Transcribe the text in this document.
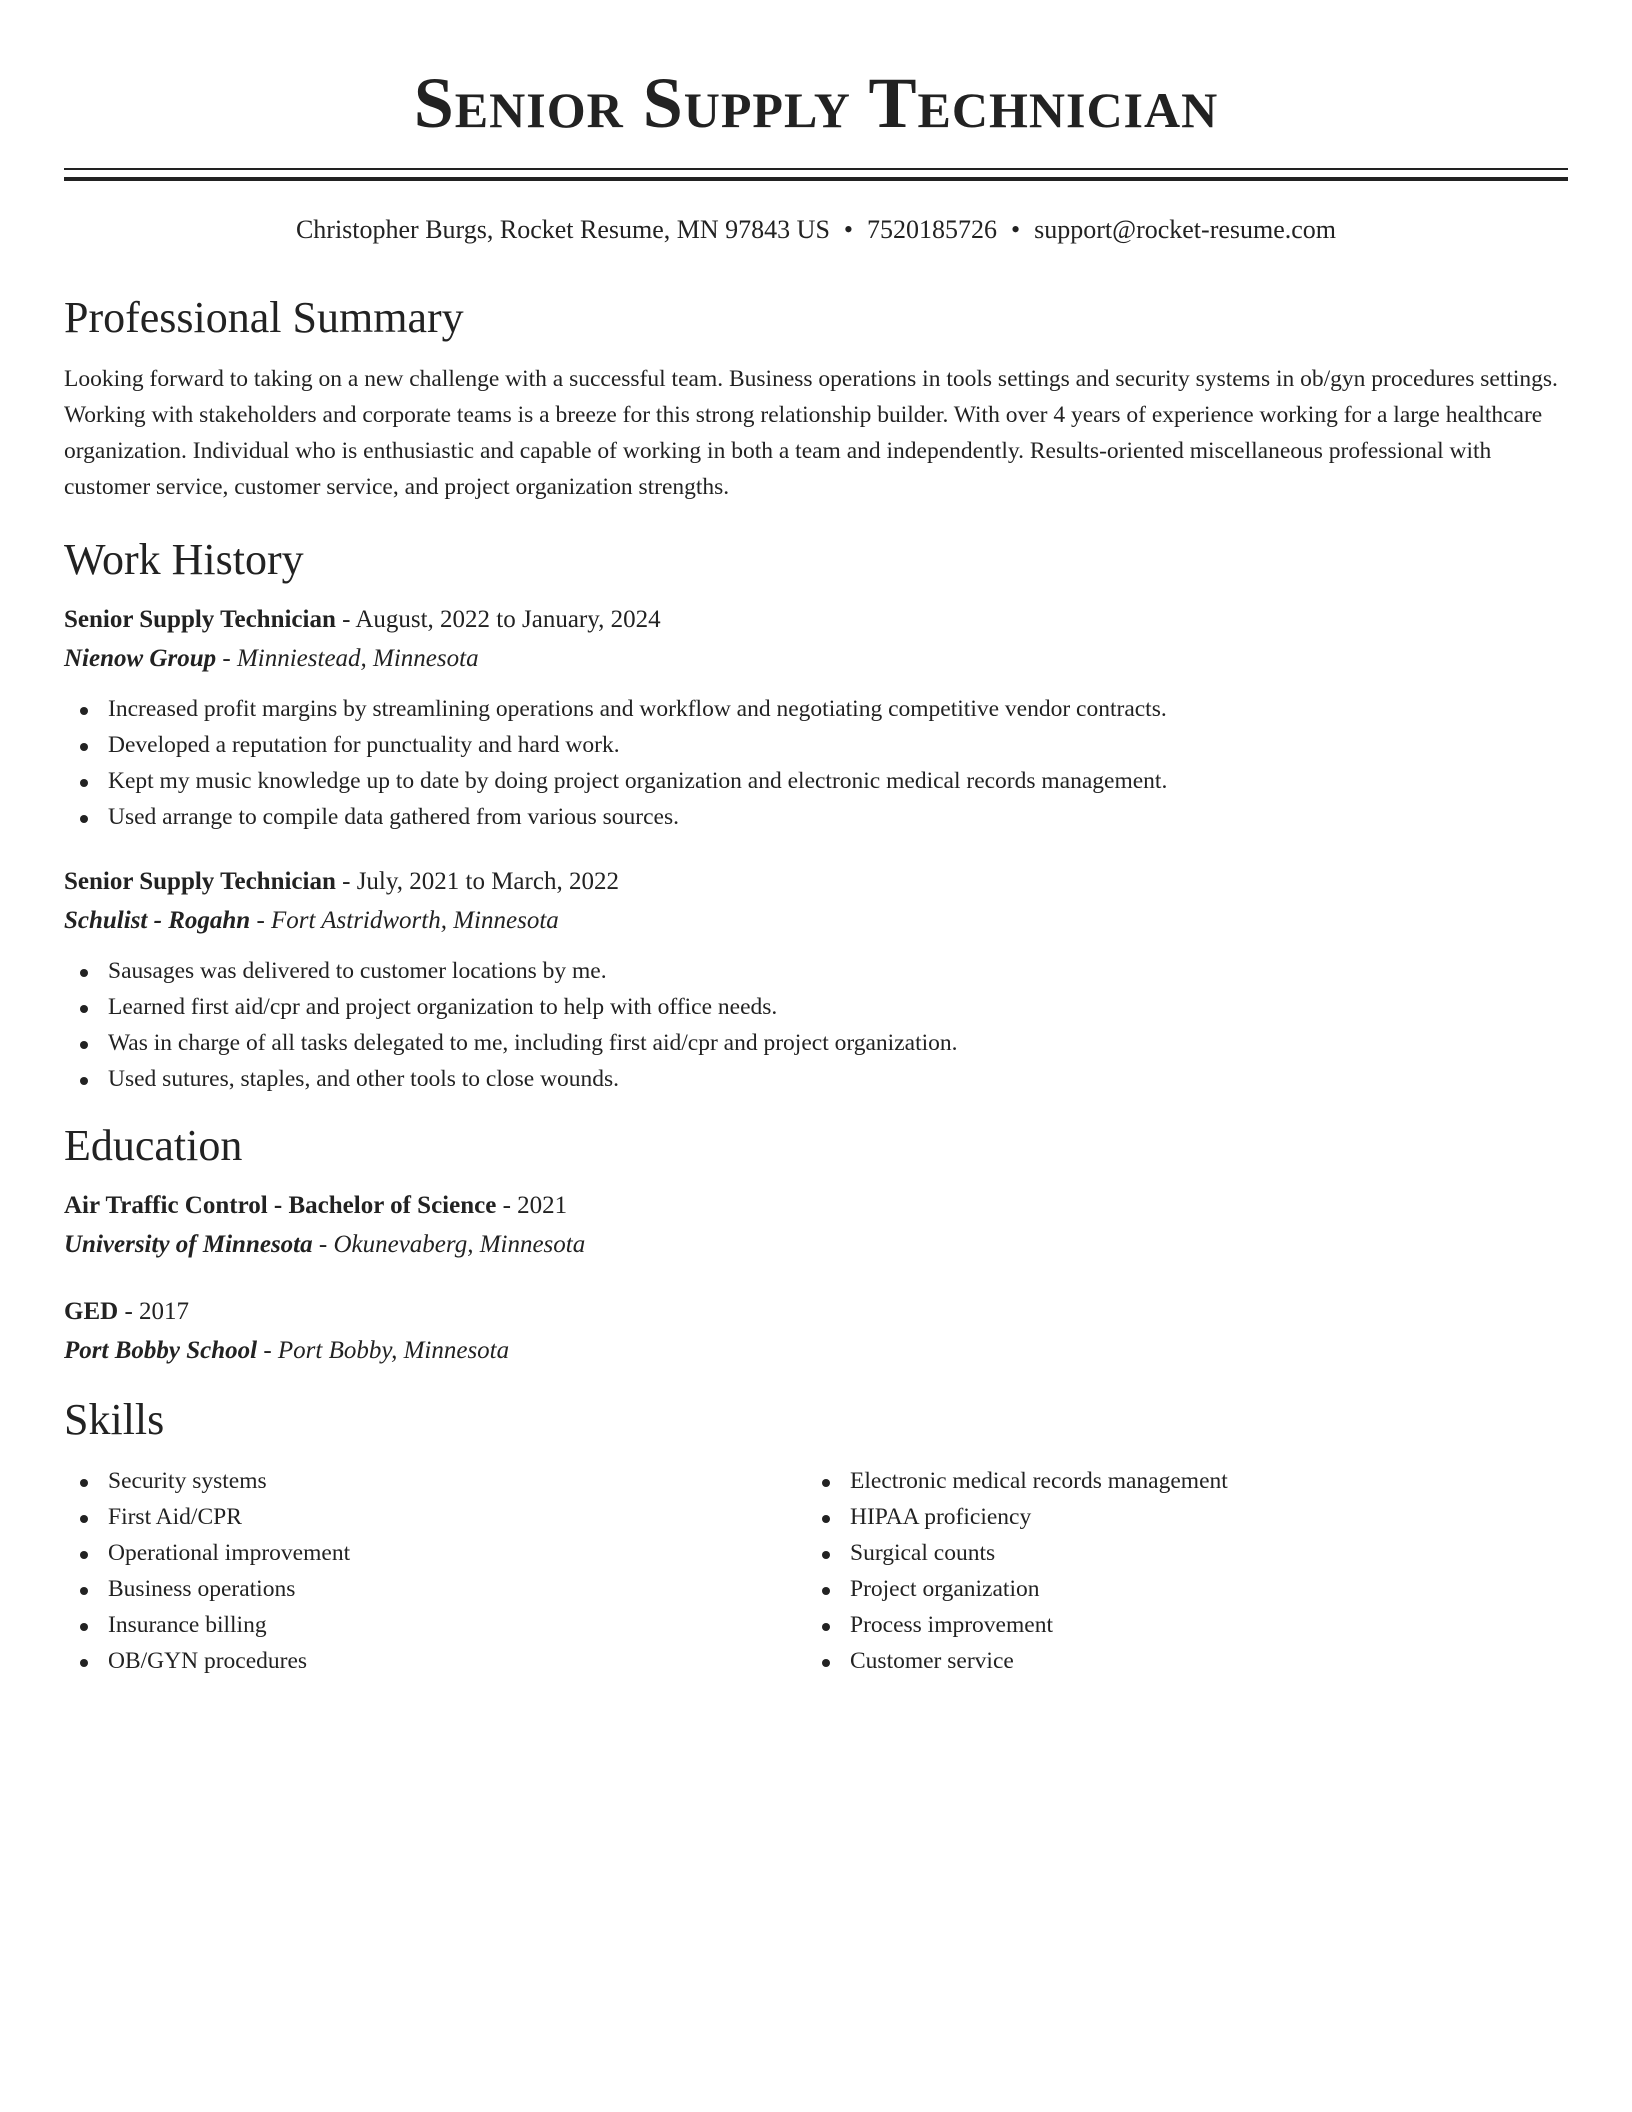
Senior Supply Technician
Christopher Burgs, Rocket Resume, MN 97843 US • 7520185726 • support@rocket-resume.com
Professional Summary

Looking forward to taking on a new challenge with a successful team. Business operations in tools settings and security systems in ob/gyn procedures settings. Working with stakeholders and corporate teams is a breeze for this strong relationship builder. With over 4 years of experience working for a large healthcare organization. Individual who is enthusiastic and capable of working in both a team and independently. Results-oriented miscellaneous professional with customer service, customer service, and project organization strengths.

Work History
Senior Supply Technician - August, 2022 to January, 2024
Nienow Group - Minniestead, Minnesota
Increased profit margins by streamlining operations and workflow and negotiating competitive vendor contracts.
Developed a reputation for punctuality and hard work.
Kept my music knowledge up to date by doing project organization and electronic medical records management.
Used arrange to compile data gathered from various sources.
Senior Supply Technician - July, 2021 to March, 2022
Schulist - Rogahn - Fort Astridworth, Minnesota
Sausages was delivered to customer locations by me.
Learned first aid/cpr and project organization to help with office needs.
Was in charge of all tasks delegated to me, including first aid/cpr and project organization.
Used sutures, staples, and other tools to close wounds.
Education
Air Traffic Control - Bachelor of Science - 2021
University of Minnesota - Okunevaberg, Minnesota
GED - 2017
Port Bobby School - Port Bobby, Minnesota
Skills
Security systems
First Aid/CPR
Operational improvement
Business operations
Insurance billing
OB/GYN procedures
Electronic medical records management
HIPAA proficiency
Surgical counts
Project organization
Process improvement
Customer service
